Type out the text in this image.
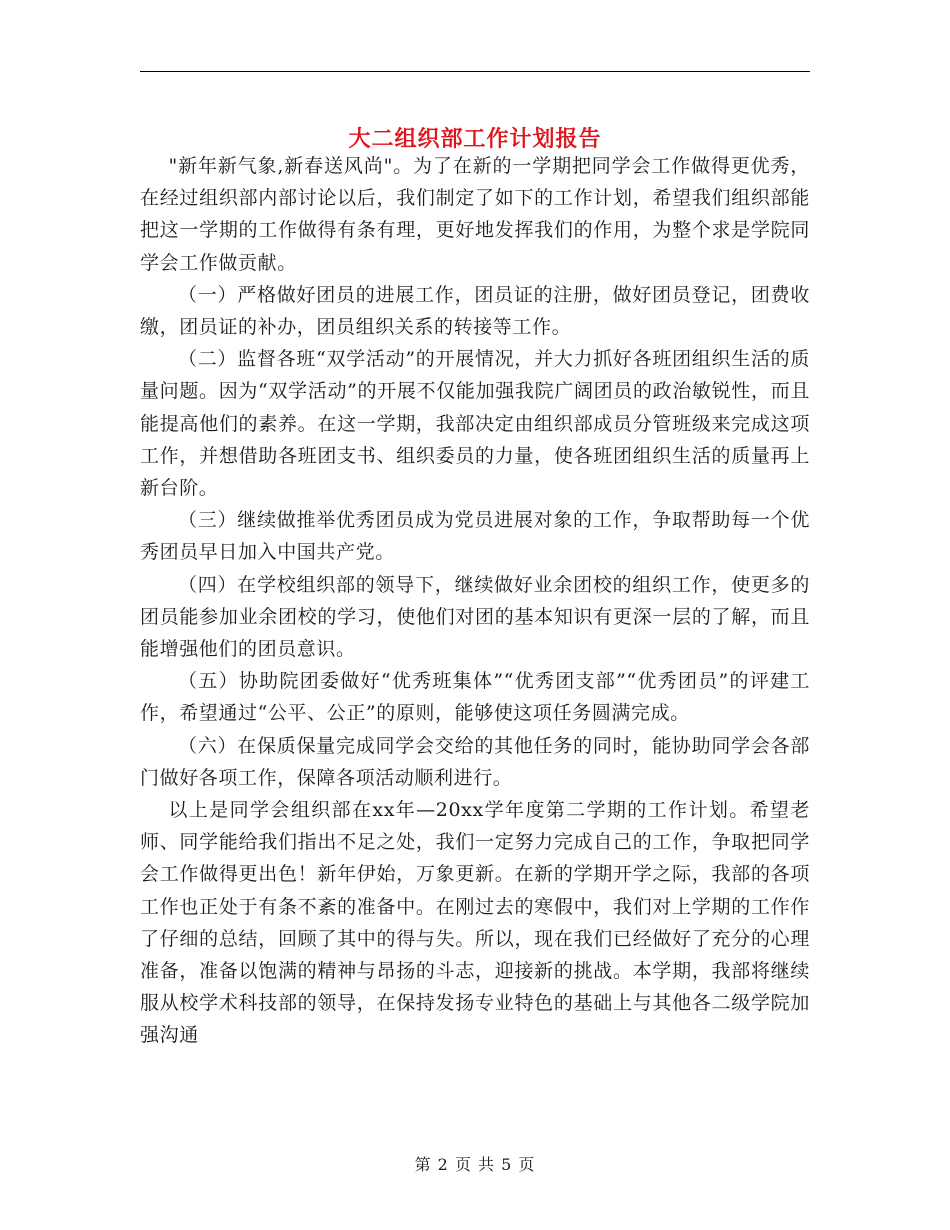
大二组织部工作计划报告

"新年新气象,新春送风尚"。为了在新的一学期把同学会工作做得更优秀，在经过组织部内部讨论以后，我们制定了如下的工作计划，希望我们组织部能把这一学期的工作做得有条有理，更好地发挥我们的作用，为整个求是学院同学会工作做贡献。

（一）严格做好团员的进展工作，团员证的注册，做好团员登记，团费收缴，团员证的补办，团员组织关系的转接等工作。

（二）监督各班“双学活动”的开展情况，并大力抓好各班团组织生活的质量问题。因为“双学活动”的开展不仅能加强我院广阔团员的政治敏锐性，而且能提高他们的素养。在这一学期，我部决定由组织部成员分管班级来完成这项工作，并想借助各班团支书、组织委员的力量，使各班团组织生活的质量再上新台阶。

（三）继续做推举优秀团员成为党员进展对象的工作，争取帮助每一个优秀团员早日加入中国共产党。

（四）在学校组织部的领导下，继续做好业余团校的组织工作，使更多的团员能参加业余团校的学习，使他们对团的基本知识有更深一层的了解，而且能增强他们的团员意识。

（五）协助院团委做好“优秀班集体”“优秀团支部”“优秀团员”的评建工作，希望通过“公平、公正”的原则，能够使这项任务圆满完成。

（六）在保质保量完成同学会交给的其他任务的同时，能协助同学会各部门做好各项工作，保障各项活动顺利进行。

以上是同学会组织部在xx年—20xx学年度第二学期的工作计划。希望老师、同学能给我们指出不足之处，我们一定努力完成自己的工作，争取把同学会工作做得更出色！新年伊始，万象更新。在新的学期开学之际，我部的各项工作也正处于有条不紊的准备中。在刚过去的寒假中，我们对上学期的工作作了仔细的总结，回顾了其中的得与失。所以，现在我们已经做好了充分的心理准备，准备以饱满的精神与昂扬的斗志，迎接新的挑战。本学期，我部将继续服从校学术科技部的领导，在保持发扬专业特色的基础上与其他各二级学院加强沟通

第 2 页 共 5 页
